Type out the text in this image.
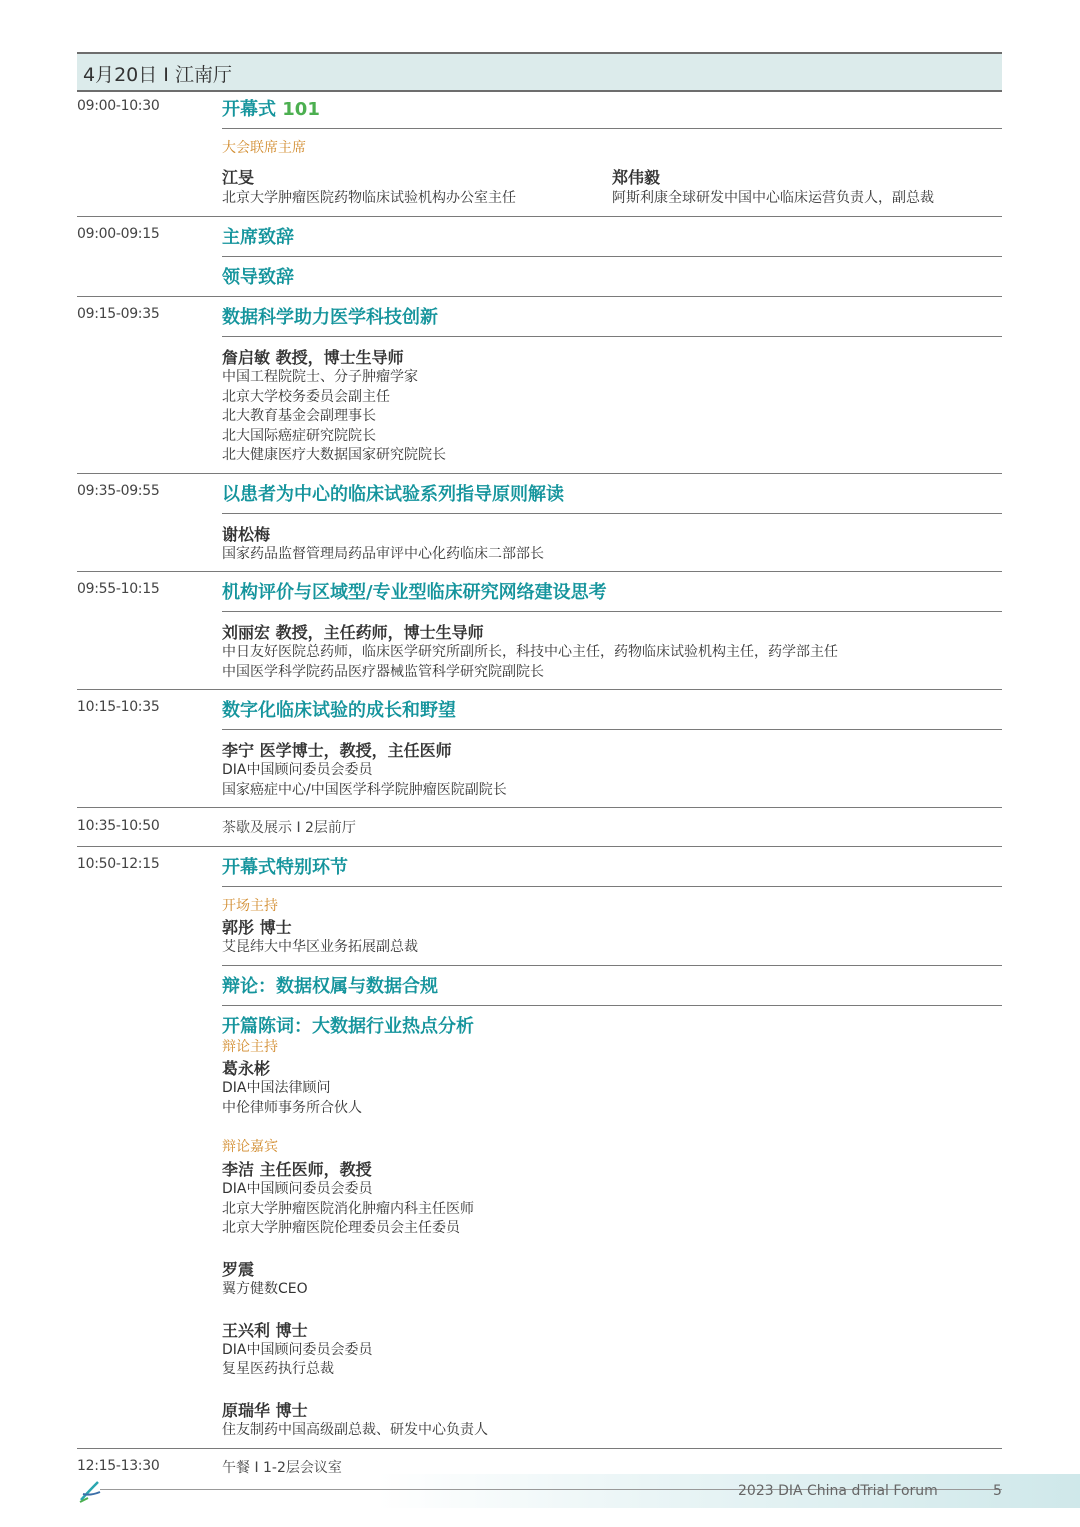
4月20日 I 江南厅
09:00-10:30	开幕式 101
大会联席主席
江旻
北京大学肿瘤医院药物临床试验机构办公室主任
郑伟毅
阿斯利康全球研发中国中心临床运营负责人，副总裁
09:00-09:15	主席致辞
领导致辞
09:15-09:35	数据科学助力医学科技创新
詹启敏 教授，博士生导师
中国工程院院士、分子肿瘤学家
北京大学校务委员会副主任
北大教育基金会副理事长
北大国际癌症研究院院长
北大健康医疗大数据国家研究院院长
09:35-09:55	以患者为中心的临床试验系列指导原则解读
谢松梅
国家药品监督管理局药品审评中心化药临床二部部长
09:55-10:15	机构评价与区域型/专业型临床研究网络建设思考
刘丽宏 教授，主任药师，博士生导师
中日友好医院总药师，临床医学研究所副所长，科技中心主任，药物临床试验机构主任，药学部主任
中国医学科学院药品医疗器械监管科学研究院副院长
10:15-10:35	数字化临床试验的成长和野望
李宁 医学博士，教授，主任医师
DIA中国顾问委员会委员
国家癌症中心/中国医学科学院肿瘤医院副院长
10:35-10:50	茶歇及展示 I 2层前厅
10:50-12:15	开幕式特别环节
开场主持
郭彤 博士
艾昆纬大中华区业务拓展副总裁
辩论：数据权属与数据合规
开篇陈词：大数据行业热点分析
辩论主持
葛永彬
DIA中国法律顾问
中伦律师事务所合伙人
辩论嘉宾
李洁 主任医师，教授
DIA中国顾问委员会委员
北京大学肿瘤医院消化肿瘤内科主任医师
北京大学肿瘤医院伦理委员会主任委员
罗震
翼方健数CEO
王兴利 博士
DIA中国顾问委员会委员
复星医药执行总裁
原瑞华 博士
住友制药中国高级副总裁、研发中心负责人
12:15-13:30	午餐 I 1-2层会议室
2023 DIA China dTrial Forum	5
